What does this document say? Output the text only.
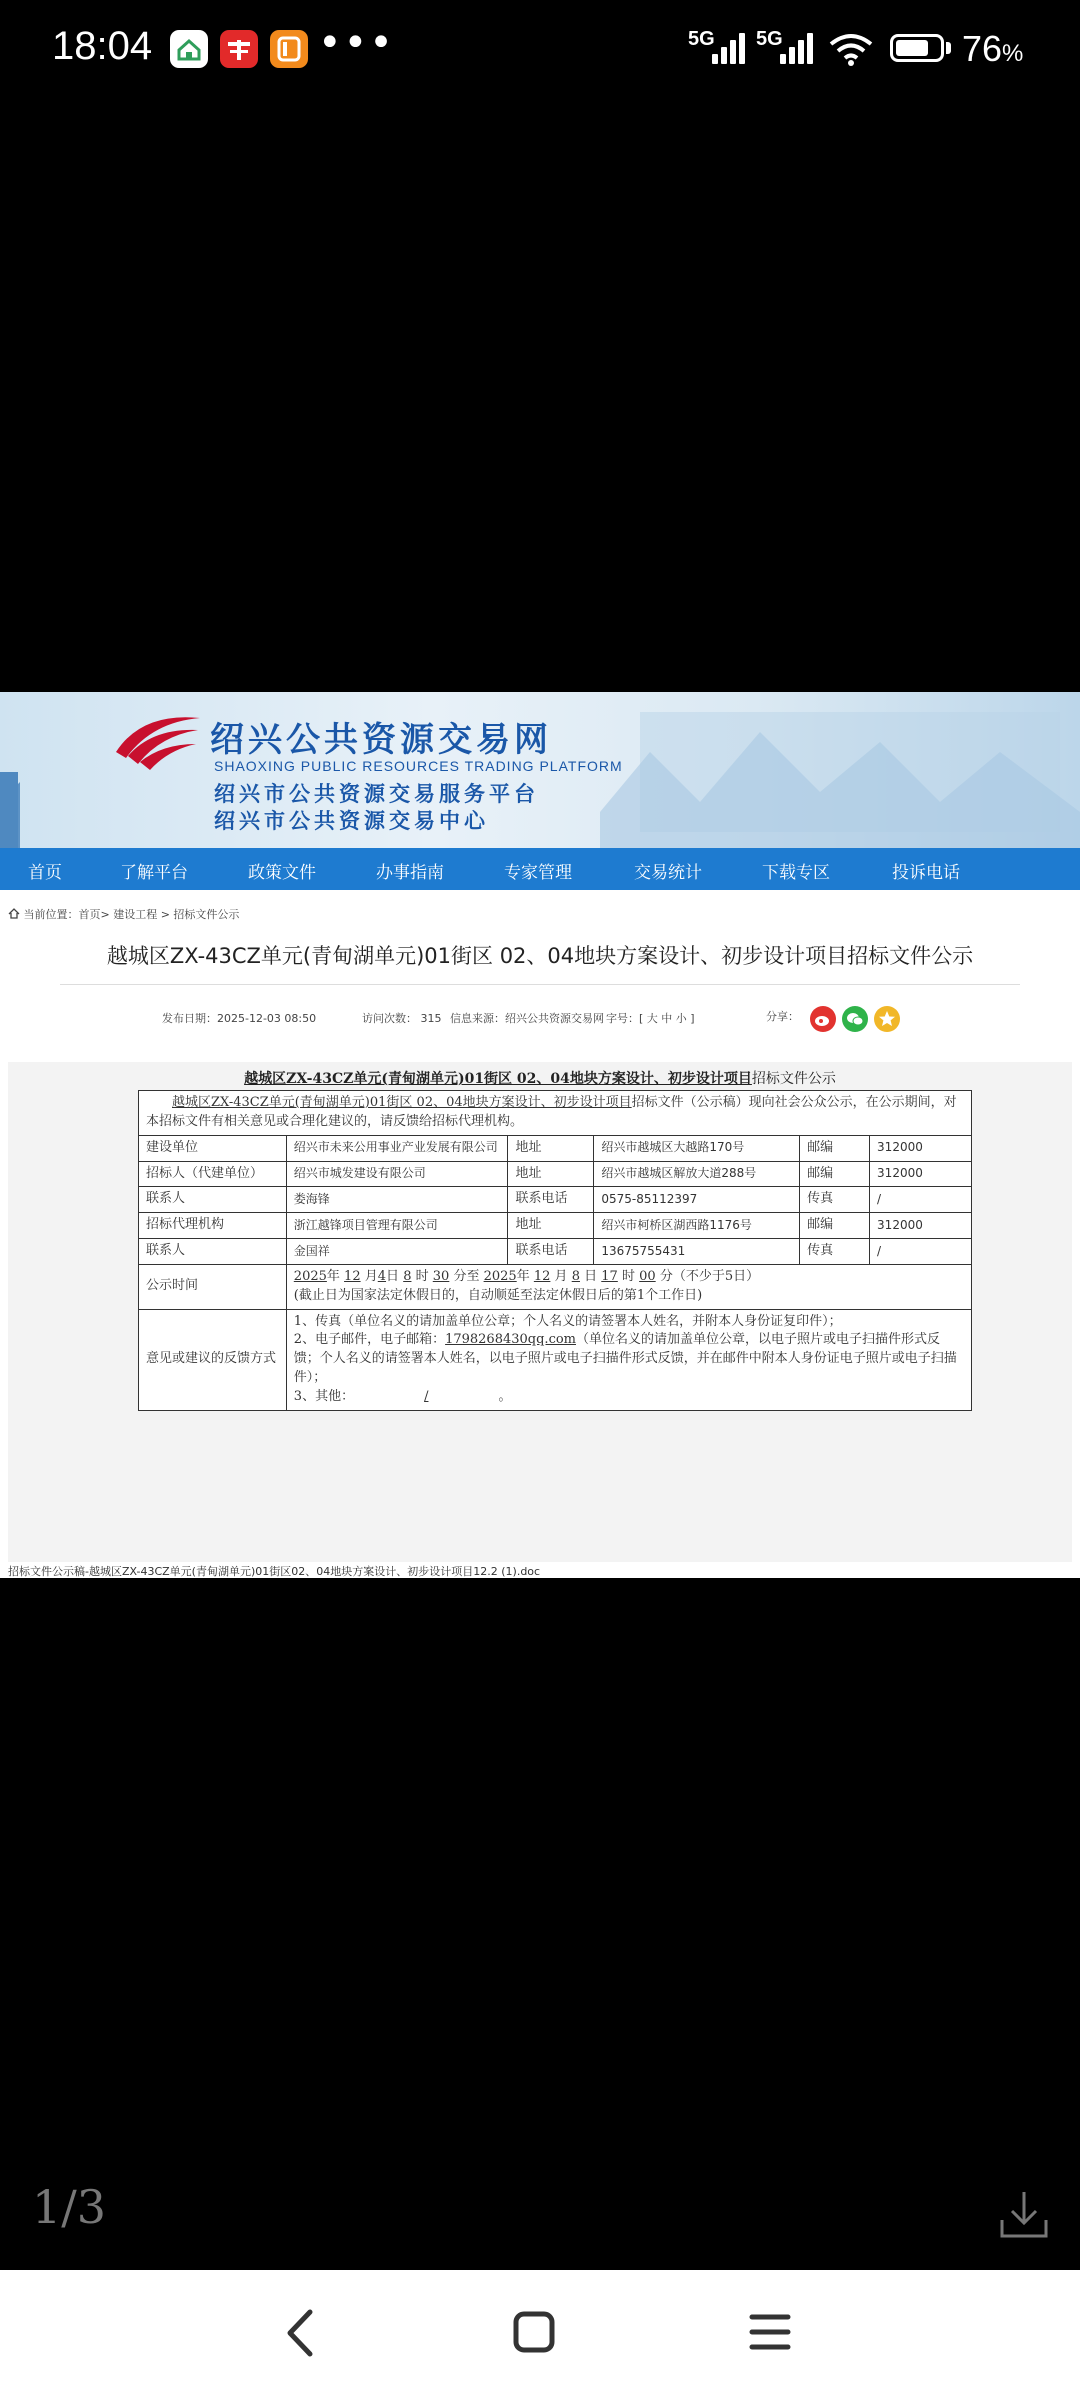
18:04	•••	5G 5G	76%
绍兴公共资源交易网
SHAOXING PUBLIC RESOURCES TRADING PLATFORM
绍兴市公共资源交易服务平台
绍兴市公共资源交易中心
首页	了解平台	政策文件	办事指南	专家管理	交易统计	下载专区	投诉电话
当前位置：首页> 建设工程 > 招标文件公示
越城区ZX-43CZ单元(青甸湖单元)01街区 02、04地块方案设计、初步设计项目招标文件公示
发布日期：2025-12-03 08:50	访问次数： 315 信息来源：绍兴公共资源交易网 字号：[ 大 中 小 ]	分享：
越城区ZX-43CZ单元(青甸湖单元)01街区 02、04地块方案设计、初步设计项目招标文件公示
越城区ZX-43CZ单元(青甸湖单元)01街区 02、04地块方案设计、初步设计项目招标文件（公示稿）现向社会公众公示，在公示期间，对本招标文件有相关意见或合理化建议的，请反馈给招标代理机构。					
建设单位	绍兴市未来公用事业产业发展有限公司	地址	绍兴市越城区大越路170号	邮编	312000
招标人（代建单位）	绍兴市城发建设有限公司	地址	绍兴市越城区解放大道288号	邮编	312000
联系人	娄海锋	联系电话	0575-85112397	传真	/
招标代理机构	浙江越锋项目管理有限公司	地址	绍兴市柯桥区湖西路1176号	邮编	312000
联系人	金国祥	联系电话	13675755431	传真	/
公示时间	2025年 12 月4日 8 时 30 分至 2025年 12 月 8 日 17 时 00 分（不少于5日）
(截止日为国家法定休假日的，自动顺延至法定休假日后的第1个工作日)				
意见或建议的反馈方式	1、传真（单位名义的请加盖单位公章；个人名义的请签署本人姓名，并附本人身份证复印件）；
2、电子邮件，电子邮箱：1798268430qq.com（单位名义的请加盖单位公章，以电子照片或电子扫描件形式反馈；个人名义的请签署本人姓名，以电子照片或电子扫描件形式反馈，并在邮件中附本人身份证电子照片或电子扫描件）；
3、其他： / 。				
招标文件公示稿-越城区ZX-43CZ单元(青甸湖单元)01街区02、04地块方案设计、初步设计项目12.2 (1).doc
1/3
